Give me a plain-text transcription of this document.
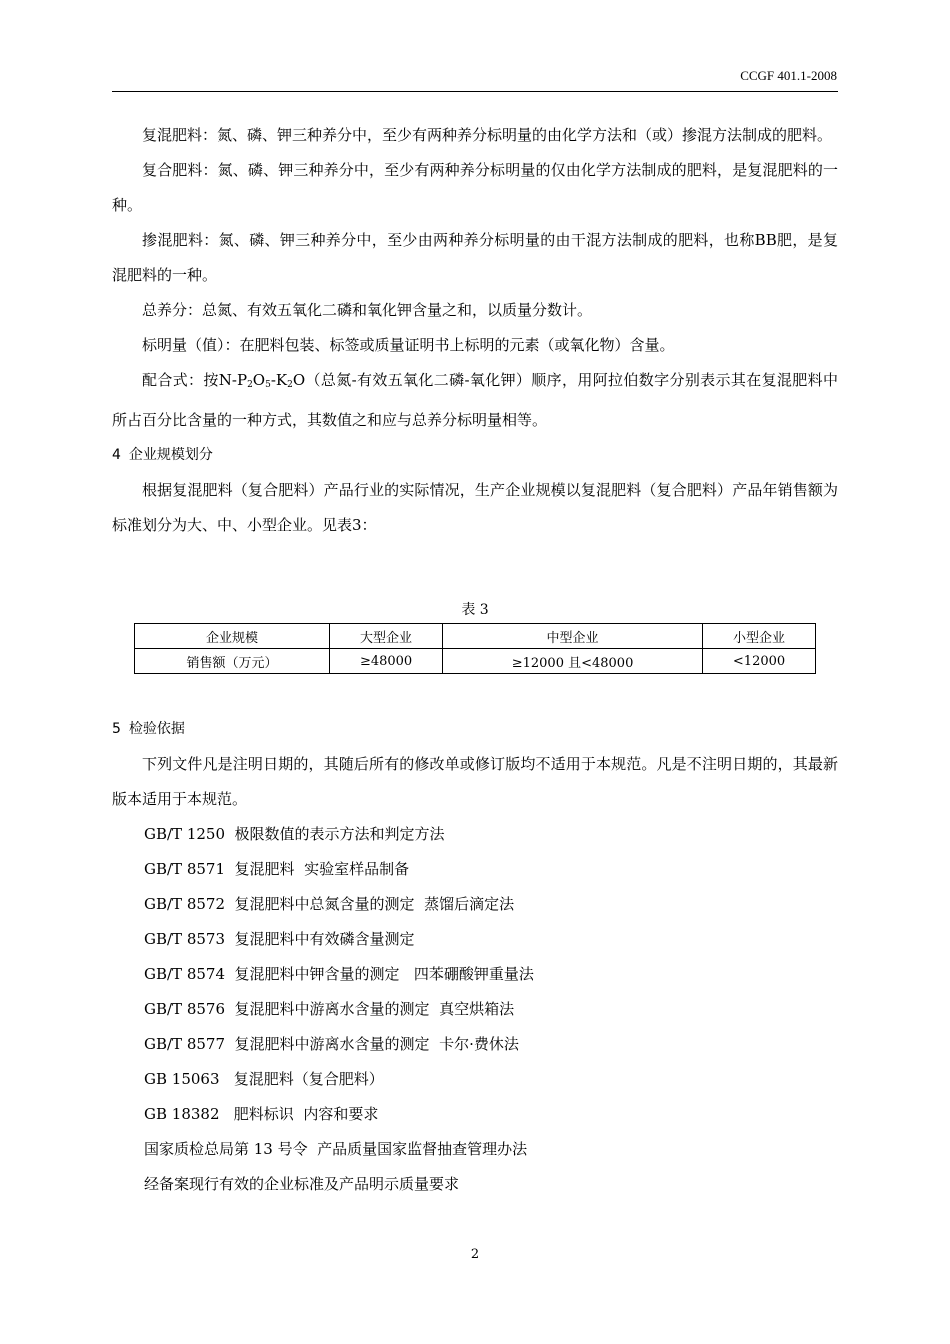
CCGF 401.1-2008

复混肥料：氮、磷、钾三种养分中，至少有两种养分标明量的由化学方法和（或）掺混方法制成的肥料。

复合肥料：氮、磷、钾三种养分中，至少有两种养分标明量的仅由化学方法制成的肥料，是复混肥料的一种。

掺混肥料：氮、磷、钾三种养分中，至少由两种养分标明量的由干混方法制成的肥料，也称BB肥，是复混肥料的一种。

总养分：总氮、有效五氧化二磷和氧化钾含量之和，以质量分数计。

标明量（值）：在肥料包装、标签或质量证明书上标明的元素（或氧化物）含量。

配合式：按$N-P_2O_5-K_2O$（总氮-有效五氧化二磷-氧化钾）顺序，用阿拉伯数字分别表示其在复混肥料中所占百分比含量的一种方式，其数值之和应与总养分标明量相等。

4 企业规模划分

根据复混肥料（复合肥料）产品行业的实际情况，生产企业规模以复混肥料（复合肥料）产品年销售额为标准划分为大、中、小型企业。见表3：

表 3
企业规模	大型企业	中型企业	小型企业
销售额（万元）	≥48000	≥12000 且<48000	<12000

5 检验依据

下列文件凡是注明日期的，其随后所有的修改单或修订版均不适用于本规范。凡是不注明日期的，其最新版本适用于本规范。

GB/T 1250  极限数值的表示方法和判定方法
GB/T 8571  复混肥料  实验室样品制备
GB/T 8572  复混肥料中总氮含量的测定  蒸馏后滴定法
GB/T 8573  复混肥料中有效磷含量测定
GB/T 8574  复混肥料中钾含量的测定   四苯硼酸钾重量法
GB/T 8576  复混肥料中游离水含量的测定  真空烘箱法
GB/T 8577  复混肥料中游离水含量的测定  卡尔·费休法
GB 15063   复混肥料（复合肥料）
GB 18382   肥料标识  内容和要求
国家质检总局第 13 号令  产品质量国家监督抽查管理办法
经备案现行有效的企业标准及产品明示质量要求
2
